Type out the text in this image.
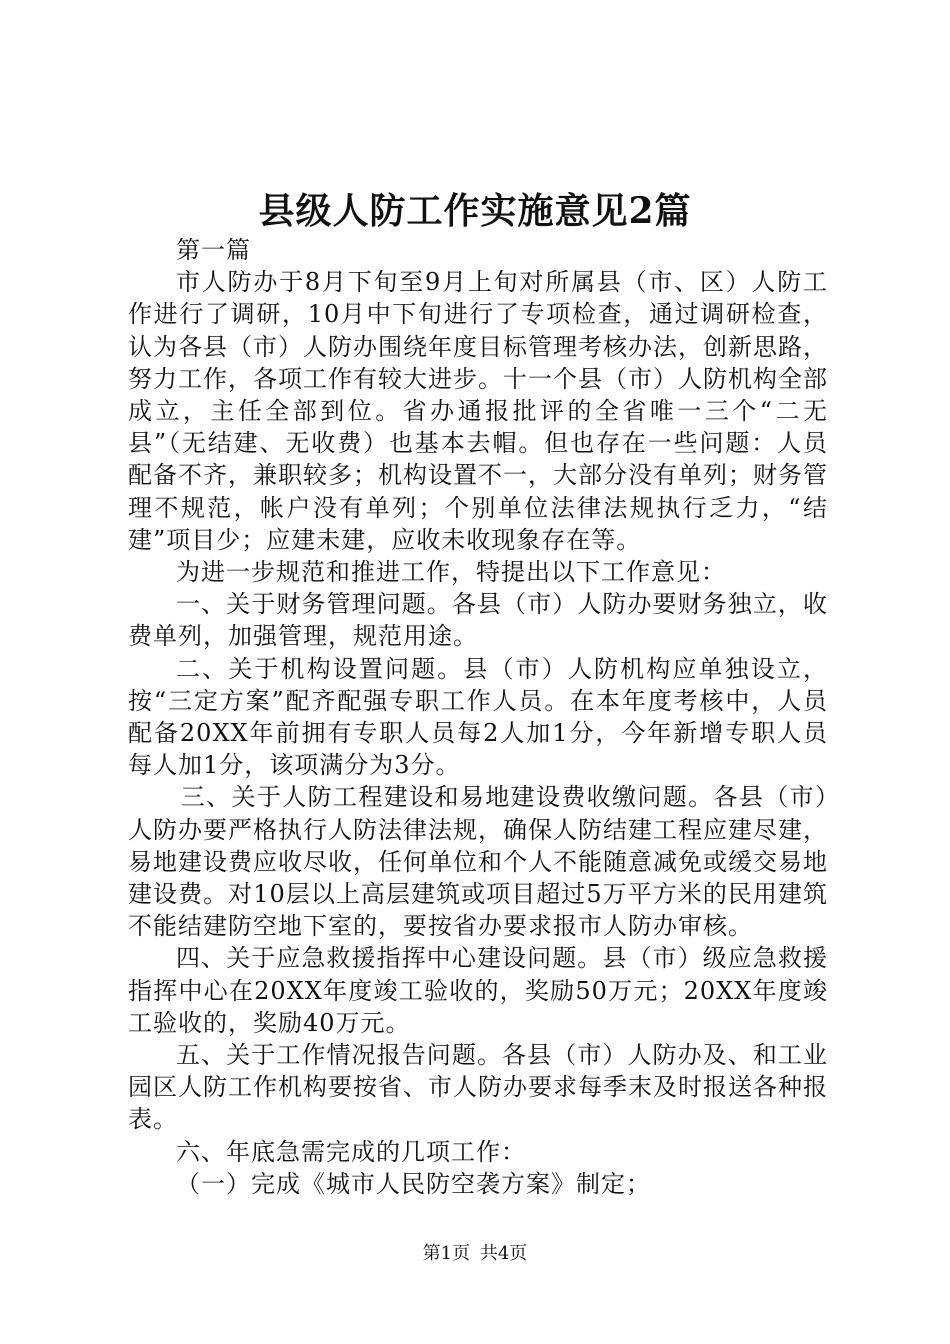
县级人防工作实施意见2篇

第一篇

市人防办于8月下旬至9月上旬对所属县（市、区）人防工作进行了调研，10月中下旬进行了专项检查，通过调研检查，认为各县（市）人防办围绕年度目标管理考核办法，创新思路，努力工作，各项工作有较大进步。十一个县（市）人防机构全部成立，主任全部到位。省办通报批评的全省唯一三个“二无县”（无结建、无收费）也基本去帽。但也存在一些问题：人员配备不齐，兼职较多；机构设置不一，大部分没有单列；财务管理不规范，帐户没有单列；个别单位法律法规执行乏力，“结建”项目少；应建未建，应收未收现象存在等。

为进一步规范和推进工作，特提出以下工作意见：

一、关于财务管理问题。各县（市）人防办要财务独立，收费单列，加强管理，规范用途。

二、关于机构设置问题。县（市）人防机构应单独设立，按“三定方案”配齐配强专职工作人员。在本年度考核中，人员配备20XX年前拥有专职人员每2人加1分，今年新增专职人员每人加1分，该项满分为3分。

三、关于人防工程建设和易地建设费收缴问题。各县（市）人防办要严格执行人防法律法规，确保人防结建工程应建尽建，易地建设费应收尽收，任何单位和个人不能随意减免或缓交易地建设费。对10层以上高层建筑或项目超过5万平方米的民用建筑不能结建防空地下室的，要按省办要求报市人防办审核。

四、关于应急救援指挥中心建设问题。县（市）级应急救援指挥中心在20XX年度竣工验收的，奖励50万元；20XX年度竣工验收的，奖励40万元。

五、关于工作情况报告问题。各县（市）人防办及、和工业园区人防工作机构要按省、市人防办要求每季末及时报送各种报表。

六、年底急需完成的几项工作：

（一）完成《城市人民防空袭方案》制定；

第1页 共4页
